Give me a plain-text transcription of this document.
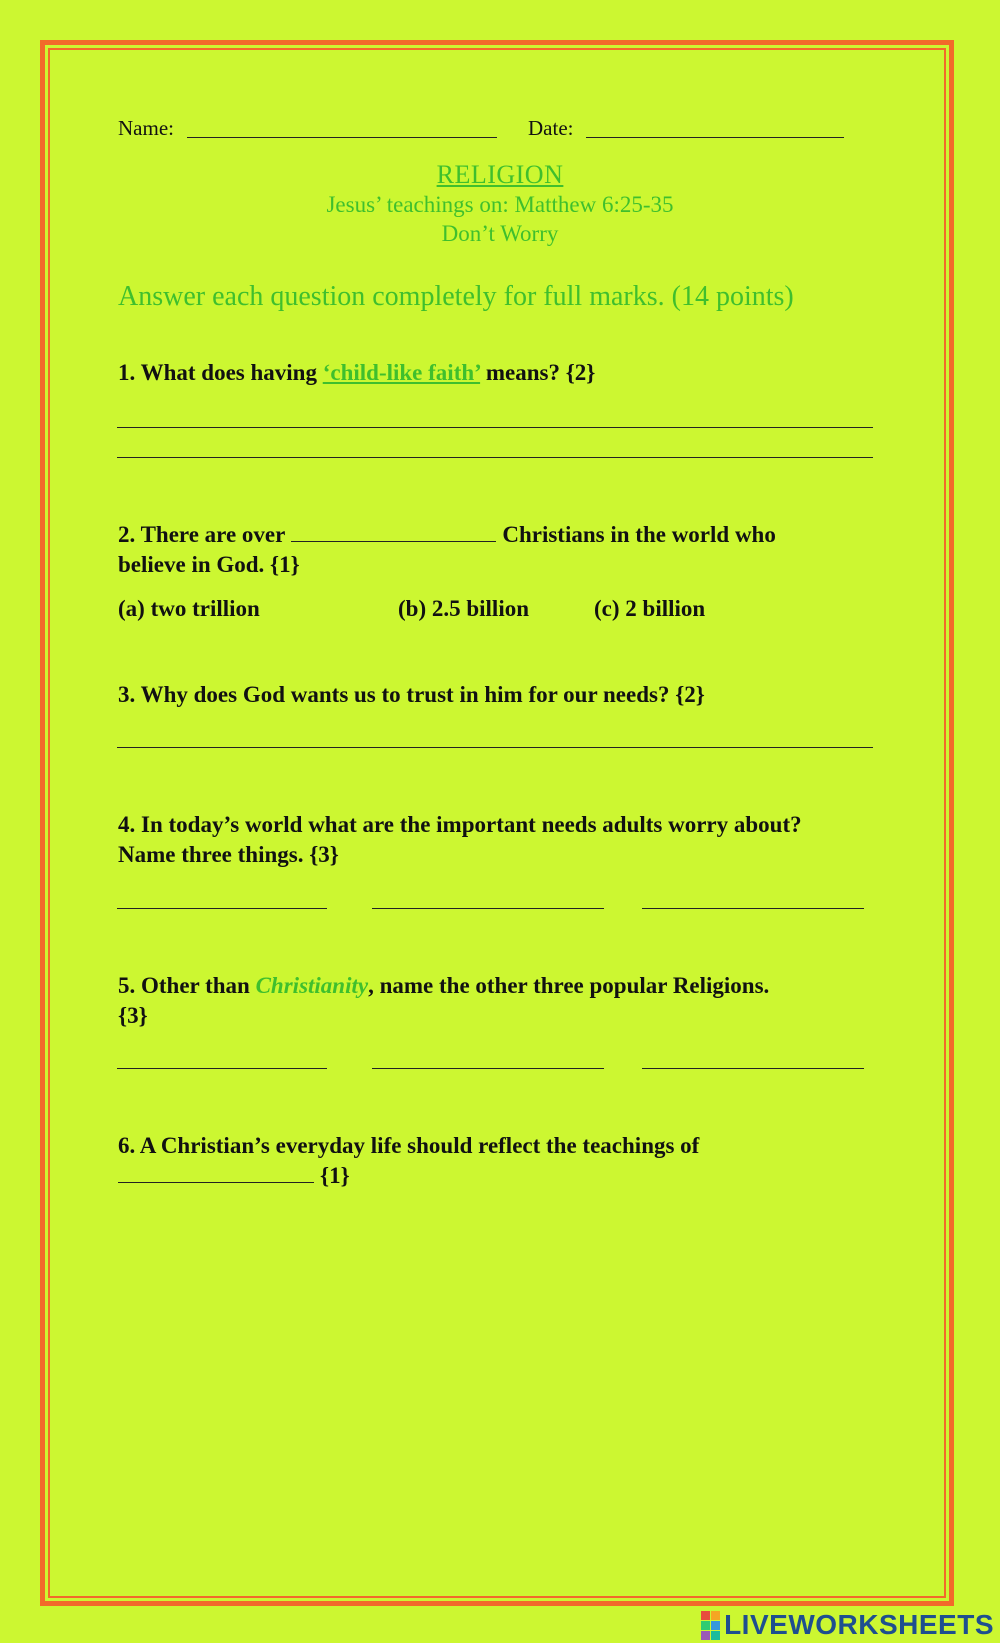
Name:	Date:
RELIGION
Jesus’ teachings on: Matthew 6:25-35
Don’t Worry
Answer each question completely for full marks. (14 points)
1. What does having ‘child-like faith’ means? {2}
2. There are over	Christians in the world who
believe in God. {1}
(a) two trillion	(b) 2.5 billion	(c) 2 billion
3. Why does God wants us to trust in him for our needs? {2}
4. In today’s world what are the important needs adults worry about?
Name three things. {3}
5. Other than Christianity, name the other three popular Religions.
{3}
6. A Christian’s everyday life should reflect the teachings of
{1}
LIVEWORKSHEETS
